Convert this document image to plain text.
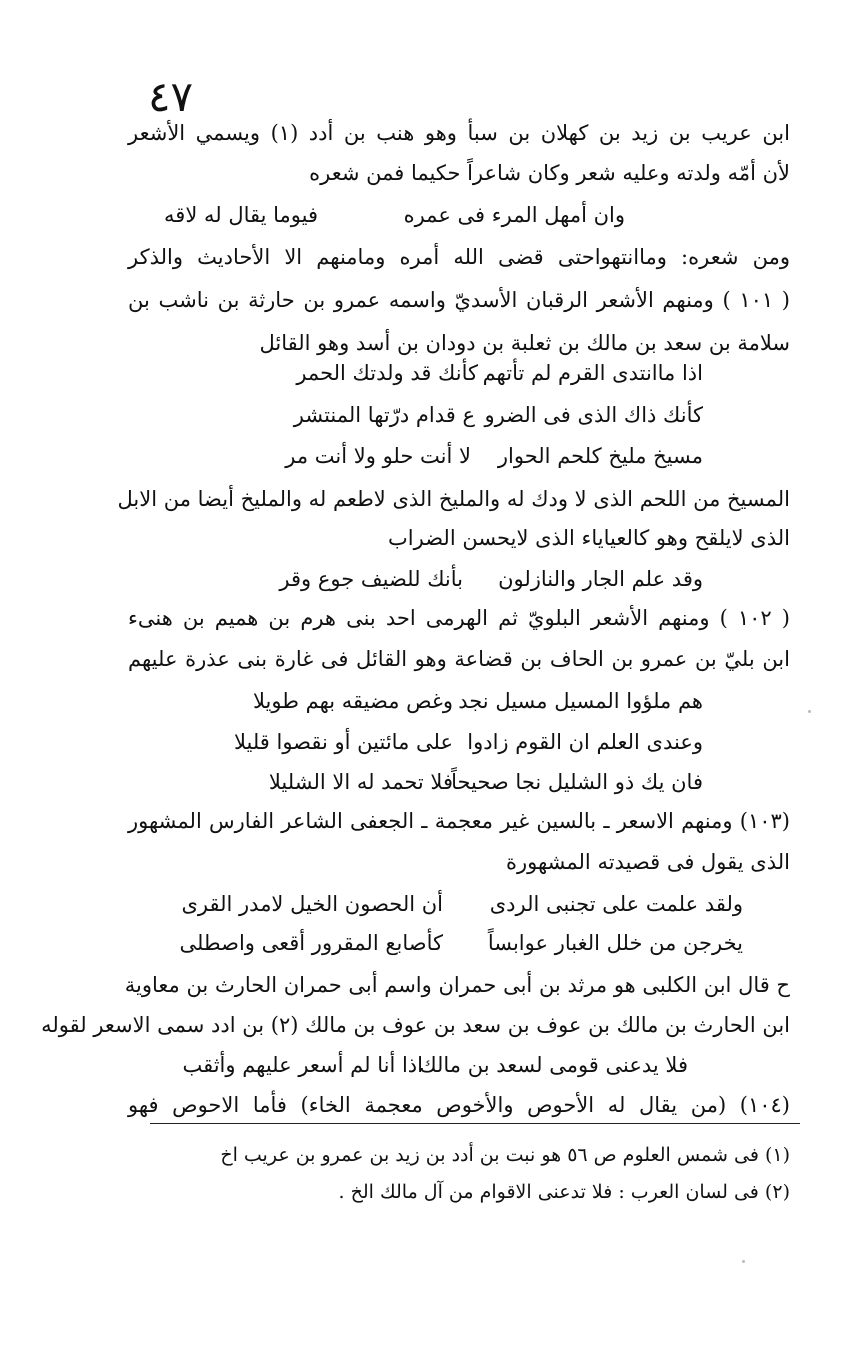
٤٧
ابن عريب بن زيد بن كهلان بن سبأ وهو هنب بن أدد (١) ويسمي الأشعر
لأن أمّه ولدته وعليه شعر وكان شاعراً حكيما فمن شعره
وان أمهل المرء فى عمره
فيوما يقال له لاقه
ومن شعره: وماانتهواحتى قضى الله أمره ومامنهم الا الأحاديث والذكر
( ١٠١ ) ومنهم الأشعر الرقبان الأسديّ واسمه عمرو بن حارثة بن ناشب بن
سلامة بن سعد بن مالك بن ثعلبة بن دودان بن أسد وهو القائل
اذا ماانتدى القرم لم تأتهم
كأنك قد ولدتك الحمر
كأنك ذاك الذى فى الضرو
ع قدام درّتها المنتشر
مسيخ مليخ كلحم الحوار
لا أنت حلو ولا أنت مر
المسيخ من اللحم الذى لا ودك له والمليخ الذى لاطعم له والمليخ أيضا من الابل
الذى لايلقح وهو كالعياياء الذى لايحسن الضراب
وقد علم الجار والنازلون
بأنك للضيف جوع وقر
( ١٠٢ ) ومنهم الأشعر البلويّ ثم الهرمى احد بنى هرم بن هميم بن هنىء
ابن بليّ بن عمرو بن الحاف بن قضاعة وهو القائل فى غارة بنى عذرة عليهم
هم ملؤوا المسيل مسيل نجد
وغص مضيقه بهم طويلا
وعندى العلم ان القوم زادوا
على مائتين أو نقصوا قليلا
فان يك ذو الشليل نجا صحيحاً
فلا تحمد له الا الشليلا
(١٠٣) ومنهم الاسعر ـ بالسين غير معجمة ـ الجعفى الشاعر الفارس المشهور
الذى يقول فى قصيدته المشهورة
ولقد علمت على تجنبى الردى
أن الحصون الخيل لامدر القرى
يخرجن من خلل الغبار عوابساً
كأصابع المقرور أقعى واصطلى
ح قال ابن الكلبى هو مرثد بن أبى حمران واسم أبى حمران الحارث بن معاوية
ابن الحارث بن مالك بن عوف بن سعد بن عوف بن مالك (٢) بن ادد سمى الاسعر لقوله
فلا يدعنى قومى لسعد بن مالك
اذا أنا لم أسعر عليهم وأثقب
(١٠٤) (من يقال له الأحوص والأخوص معجمة الخاء) فأما الاحوص فهو
(١) فى شمس العلوم ص ٥٦ هو نبت بن أدد بن زيد بن عمرو بن عريب اخ
(٢) فى لسان العرب : فلا تدعنى الاقوام من آل مالك الخ .
